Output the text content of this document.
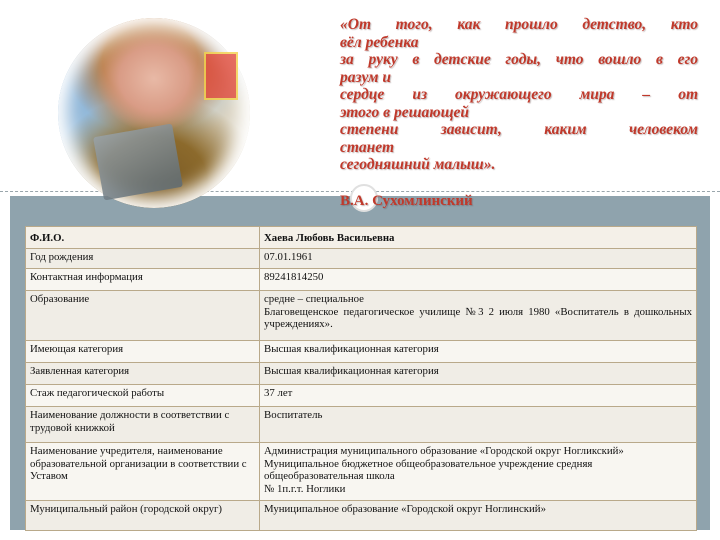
«От того, как прошло детство, кто
вёл ребенка
за руку в детские годы, что вошло в его
разум и
сердце из окружающего мира – от
этого в решающей
степени зависит, каким человеком
станет
сегодняшний малыш».
В.А. Сухомлинский
Ф.И.О.	Хаева Любовь Васильевна
Год рождения	07.01.1961
Контактная информация	89241814250
Образование	средне – специальное
Благовещенское педагогическое училище №3 2 июля 1980 «Воспитатель в дошкольных учреждениях».

Имеющая категория	Высшая квалификационная категория
Заявленная категория	Высшая квалификационная категория
Стаж педагогической работы	37 лет
Наименование должности в соответствии с трудовой книжкой	Воспитатель
Наименование учредителя, наименование образовательной организации в соответствии с Уставом	Администрация муниципального образование «Городской округ Ногликский»
Муниципальное бюджетное общеобразовательное учреждение средняя общеобразовательная школа
№ 1п.г.т. Ноглики

Муниципальный район (городской округ)	Муниципальное образование «Городской округ Ноглинский»
